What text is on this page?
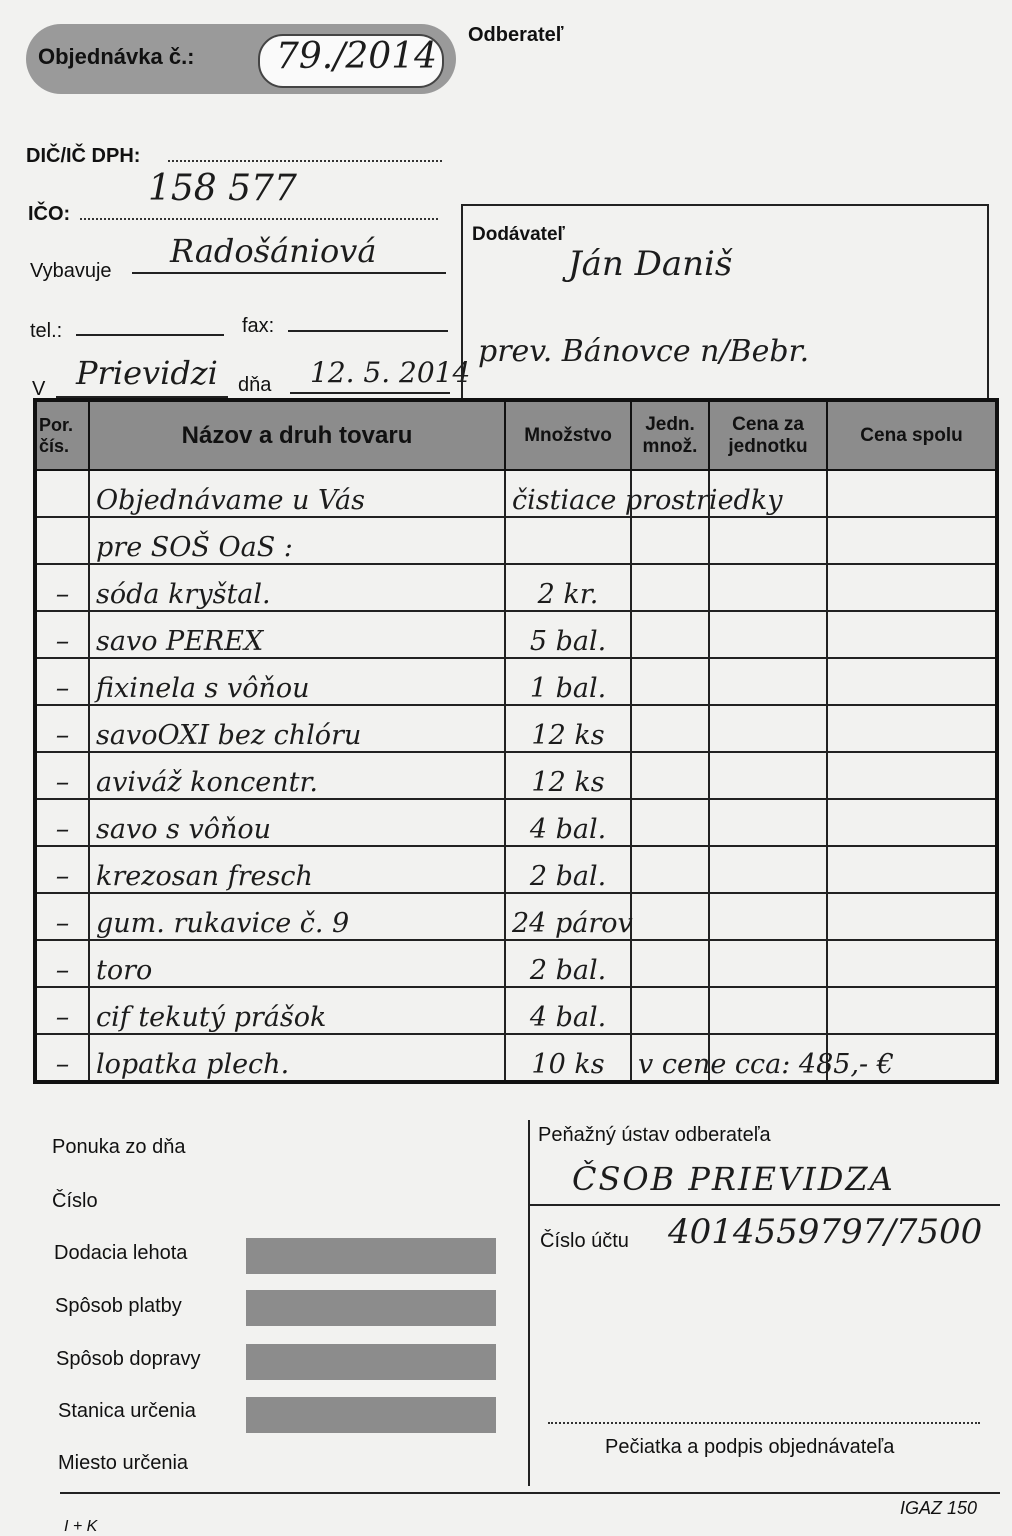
Objednávka č.: 79./2014
Odberateľ
DIČ/IČ DPH:
IČO:
158 577
Vybavuje
Radošániová
tel.:	fax:
V Prievidzi dňa 12. 5. 2014
Dodávateľ
Ján Daniš
prev. Bánovce n/Bebr.
Por. čís.	Názov a druh tovaru	Množstvo	Jedn. množ.	Cena za jednotku	Cena spolu
	Objednávame u Vás	čistiace prostriedky			
	pre SOŠ OaS :				
–	sóda kryštal.	2 kr.			
–	savo PEREX	5 bal.			
–	fixinela s vôňou	1 bal.			
–	savoOXI bez chlóru	12 ks			
–	aviváž koncentr.	12 ks			
–	savo s vôňou	4 bal.			
–	krezosan fresch	2 bal.			
–	gum. rukavice č. 9	24 párov			
–	toro	2 bal.			
–	cif tekutý prášok	4 bal.			
–	lopatka plech.	10 ks	v cene cca: 485,- €		
Ponuka zo dňa
Číslo
Dodacia lehota
Spôsob platby
Spôsob dopravy
Stanica určenia
Miesto určenia
Peňažný ústav odberateľa
ČSOB PRIEVIDZA
Číslo účtu 4014559797/7500
Pečiatka a podpis objednávateľa
IGAZ 150
I + K
